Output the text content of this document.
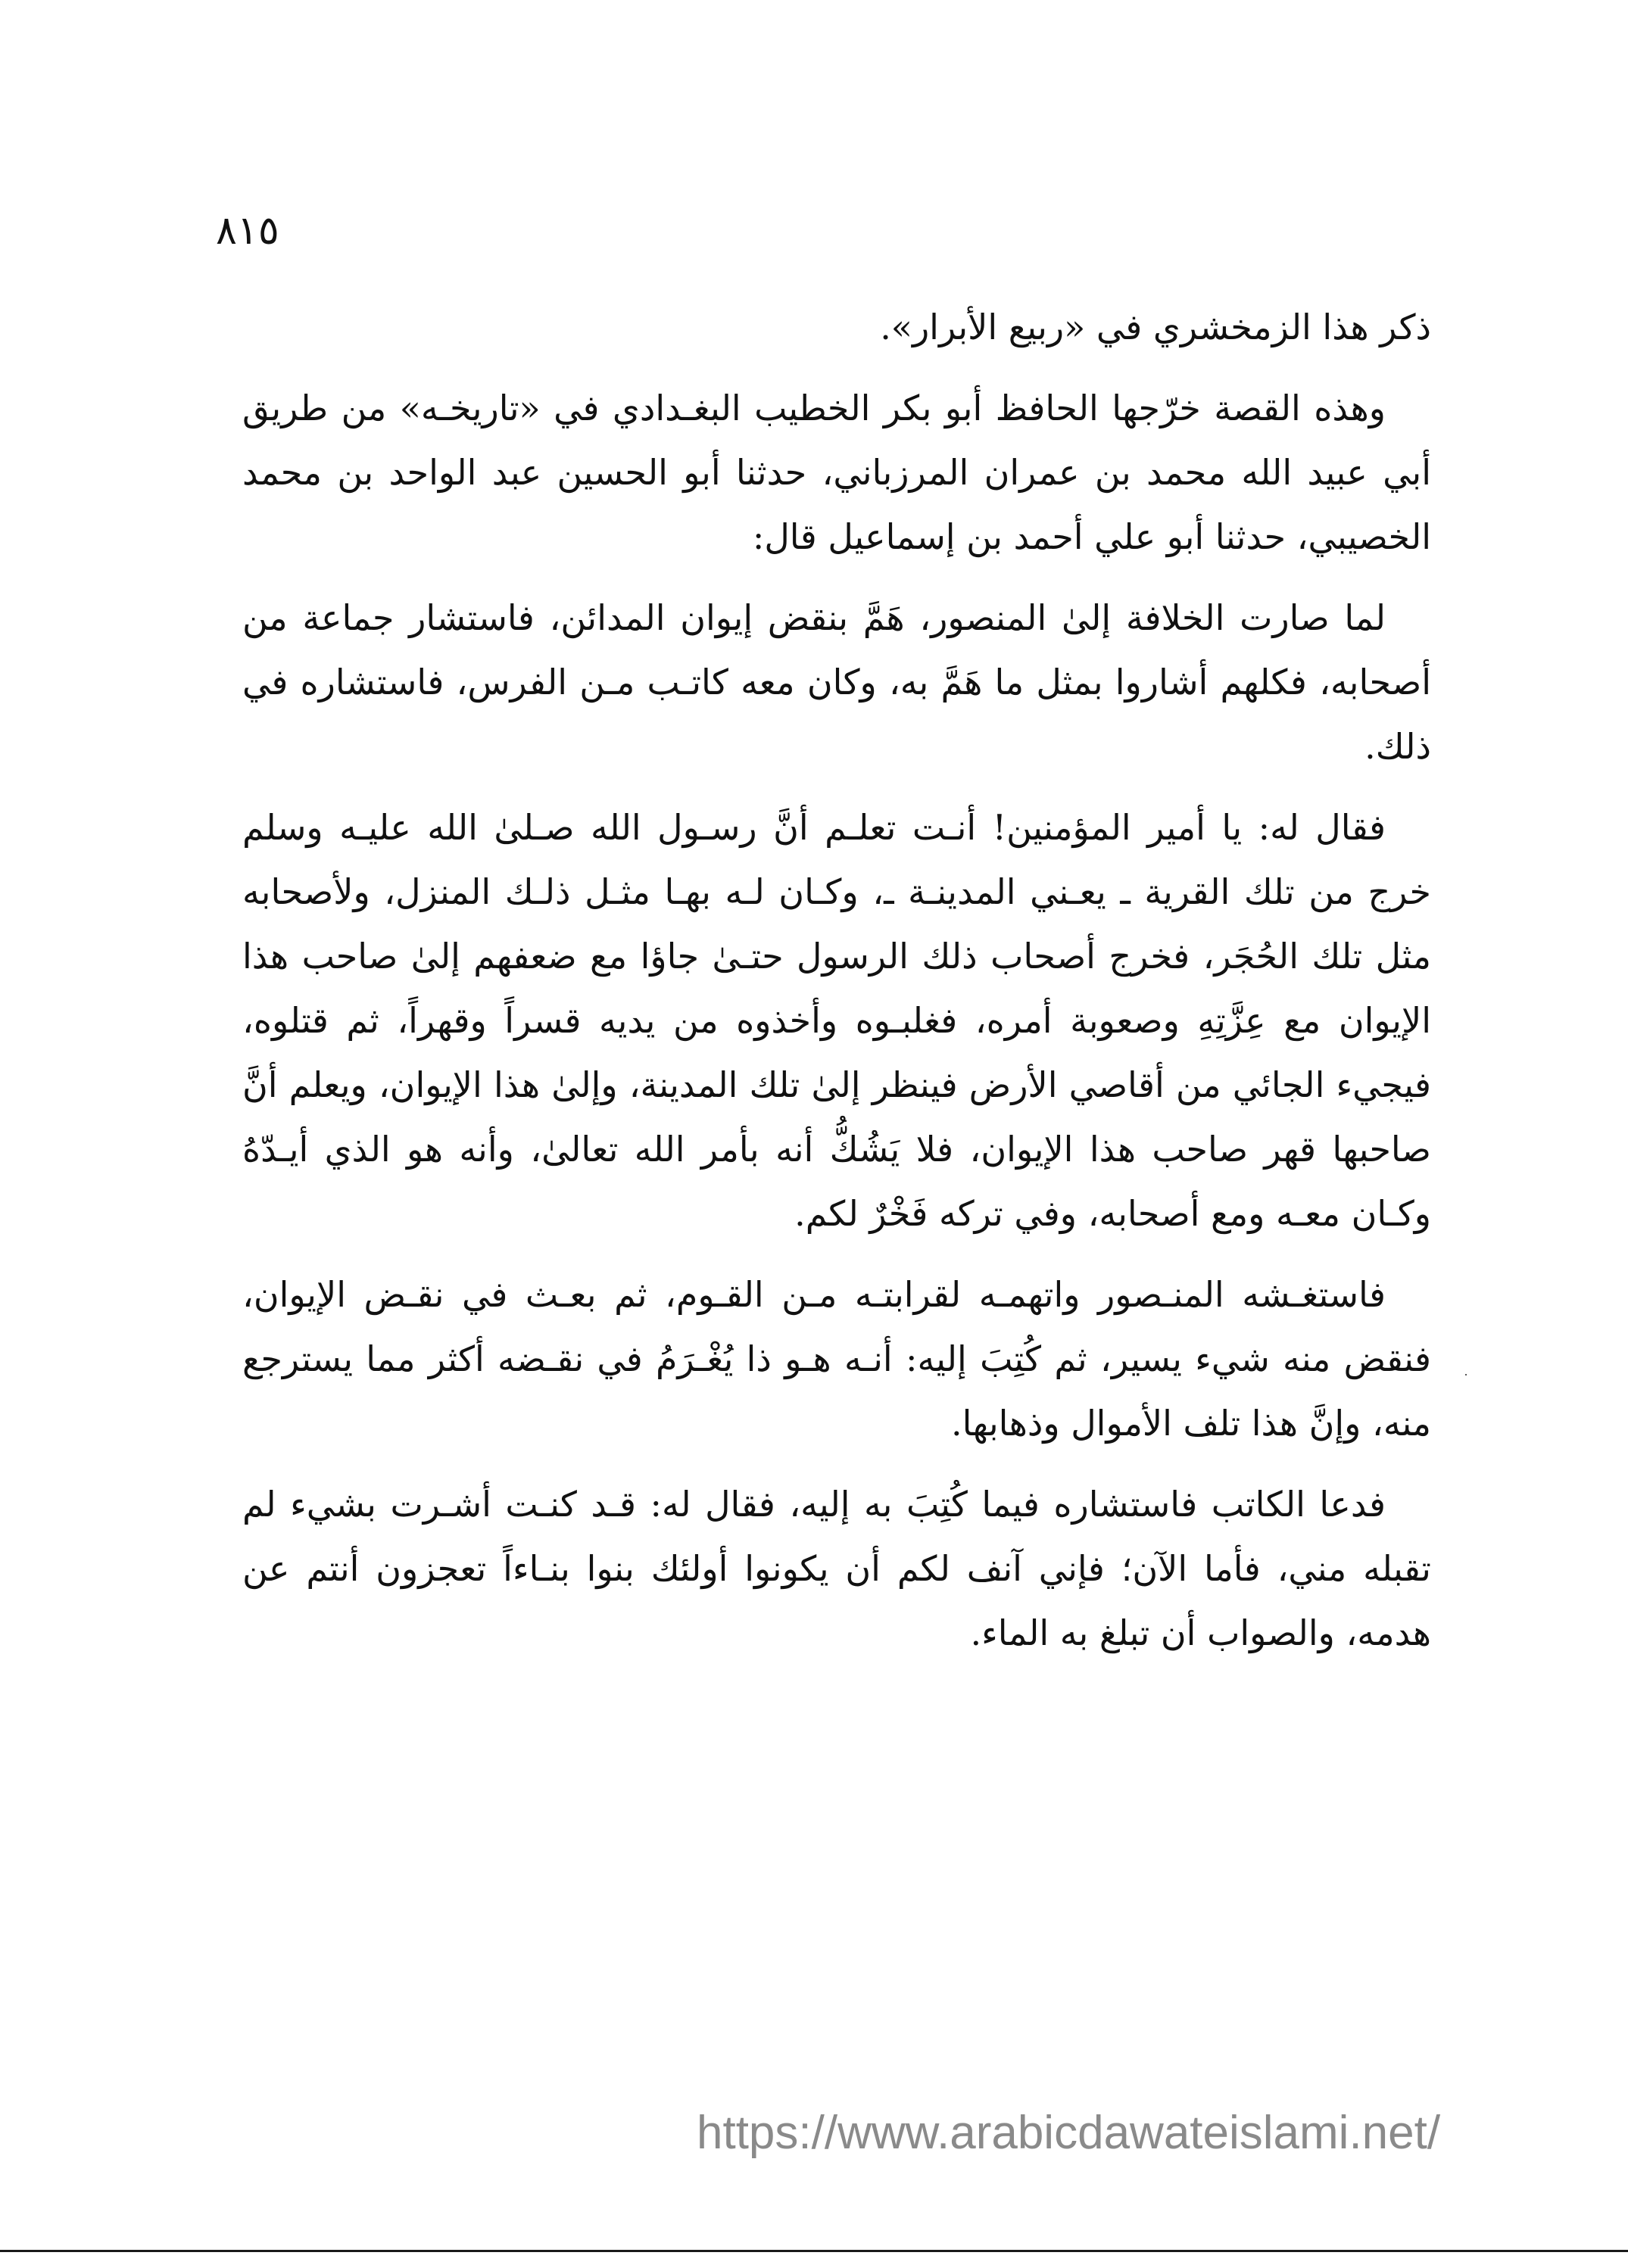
٨١٥

ذكر هذا الزمخشري في «ربيع الأبرار».

وهذه القصة خرّجها الحافظ أبو بكر الخطيب البغـدادي في «تاريخـه» من طريق أبي عبيد الله محمد بن عمران المرزباني، حدثنا أبو الحسين عبد الواحد بن محمد الخصيبي، حدثنا أبو علي أحمد بن إسماعيل قال:

لما صارت الخلافة إلىٰ المنصور، هَمَّ بنقض إيوان المدائن، فاستشار جماعة من أصحابه، فكلهم أشاروا بمثل ما هَمَّ به، وكان معه كاتـب مـن الفرس، فاستشاره في ذلك.

فقال له: يا أمير المؤمنين! أنـت تعلـم أنَّ رسـول الله صـلىٰ الله عليـه وسلم خرج من تلك القرية ـ يعـني المدينـة ـ، وكـان لـه بهـا مثـل ذلـك المنزل، ولأصحابه مثل تلك الحُجَر، فخرج أصحاب ذلك الرسول حتـىٰ جاؤا مع ضعفهم إلىٰ صاحب هذا الإيوان مع عِزَّتِهِ وصعوبة أمره، فغلبـوه وأخذوه من يديه قسراً وقهراً، ثم قتلوه، فيجيء الجائي من أقاصي الأرض فينظر إلىٰ تلك المدينة، وإلىٰ هذا الإيوان، ويعلم أنَّ صاحبها قهر صاحب هذا الإيوان، فلا يَشُكُّ أنه بأمر الله تعالىٰ، وأنه هو الذي أيـدّهُ وكـان معـه ومع أصحابه، وفي تركه فَخْرٌ لكم.

فاستغـشه المنـصور واتهمـه لقرابتـه مـن القـوم، ثم بعـث في نقـض الإيوان، فنقض منه شيء يسير، ثم كُتِبَ إليه: أنـه هـو ذا يُغْـرَمُ في نقـضه أكثر مما يسترجع منه، وإنَّ هذا تلف الأموال وذهابها.

فدعا الكاتب فاستشاره فيما كُتِبَ به إليه، فقال له: قـد كنـت أشـرت بشيء لم تقبله مني، فأما الآن؛ فإني آنف لكم أن يكونوا أولئك بنوا بنـاءاً تعجزون أنتم عن هدمه، والصواب أن تبلغ به الماء.

https://www.arabicdawateislami.net/
